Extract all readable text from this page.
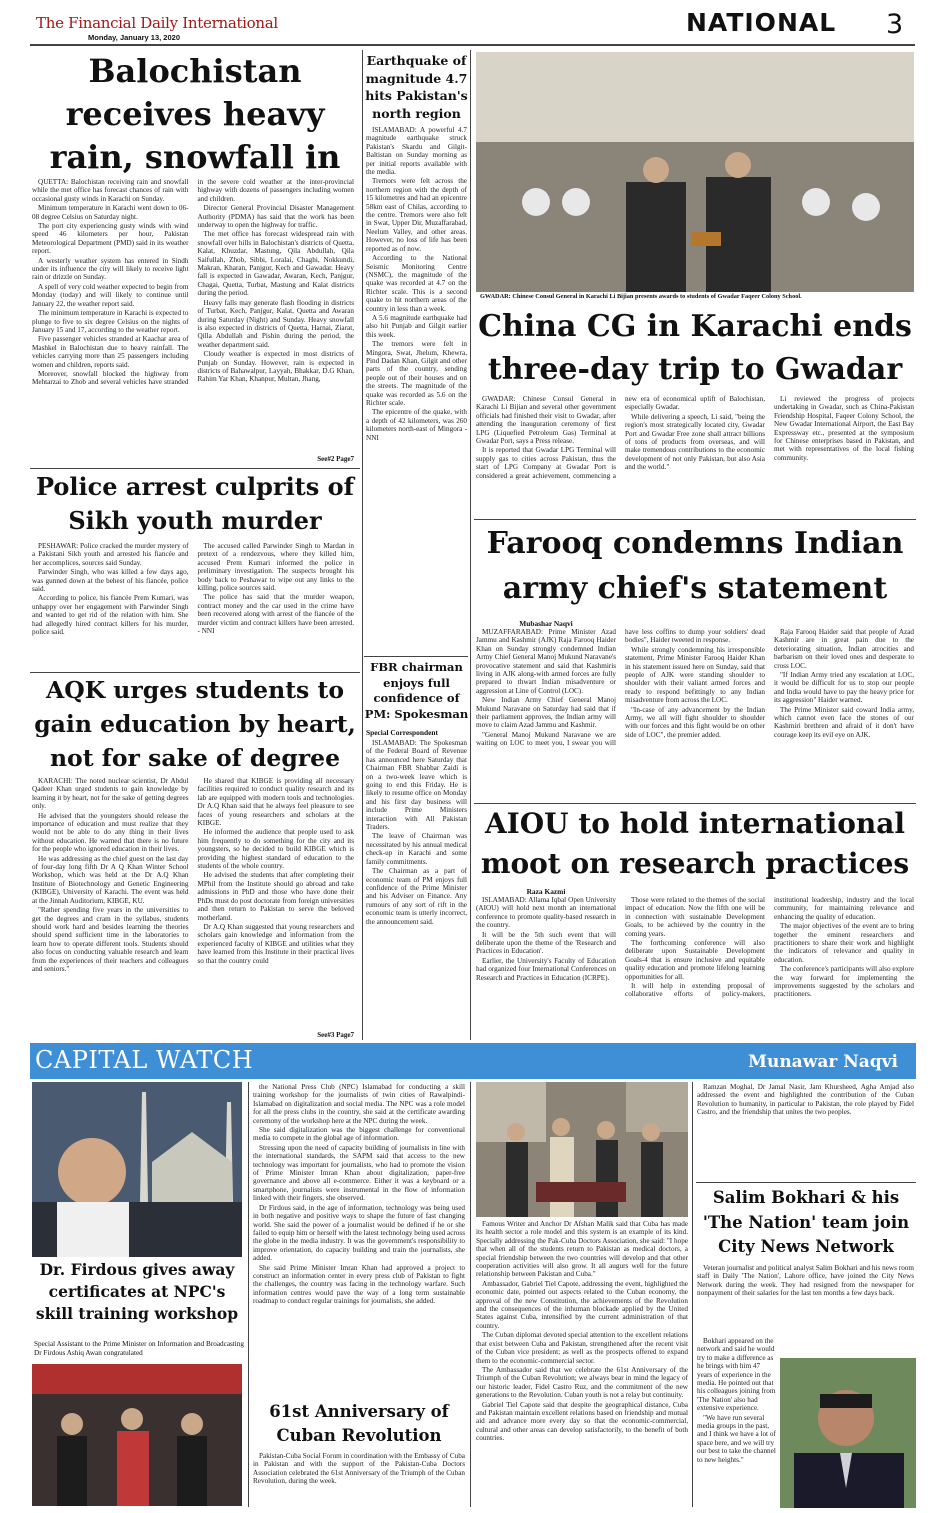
The Financial Daily International
Monday, January 13, 2020
NATIONAL 3
Balochistan receives heavy rain, snowfall in

QUETTA: Balochistan receiving rain and snowfall while the met office has forecast chances of rain with occasional gusty winds in Karachi on Sunday.

Minimum temperature in Karachi went down to 06-08 degree Celsius on Saturday night.

The port city experiencing gusty winds with wind speed 46 kilometers per hour, Pakistan Meteorological Department (PMD) said in its weather report.

A westerly weather system has entered in Sindh under its influence the city will likely to receive light rain or drizzle on Sunday.

A spell of very cold weather expected to begin from Monday (today) and will likely to continue until January 22, the weather report said.

The minimum temperature in Karachi is expected to plunge to five to six degree Celsius on the nights of January 15 and 17, according to the weather report.

Five passenger vehicles stranded at Kaachar area of Mashkel in Balochistan due to heavy rainfall. The vehicles carrying more than 25 passengers including women and children, reports said.

Moreover, snowfall blocked the highway from Mehtarzai to Zhob and several vehicles have stranded in the severe cold weather at the inter-provincial highway with dozens of passengers including women and children.

Director General Provincial Disaster Management Authority (PDMA) has said that the work has been underway to open the highway for traffic.

The met office has forecast widespread rain with snowfall over hills in Balochistan's districts of Quetta, Kalat, Khuzdar, Mastung, Qila Abdullah, Qila Saifullah, Zhob, Sibbi, Loralai, Chaghi, Nokkundi, Makran, Kharan, Panjgur, Kech and Gawadar. Heavy fall is expected in Gawadar, Awaran, Kech, Panjgur, Chagai, Quetta, Turbat, Mastung and Kalat districts during the period.

Heavy falls may generate flash flooding in districts of Turbat, Kech, Panjgur, Kalat, Quetta and Awaran during Saturday (Night) and Sunday. Heavy snowfall is also expected in districts of Quetta, Harnai, Ziarat, Qilla Abdullah and Pishin during the period, the weather department said.

Cloudy weather is expected in most districts of Punjab on Sunday. However, rain is expected in districts of Bahawalpur, Layyah, Bhakkar, D.G Khan, Rahim Yar Khan, Khanpur, Multan, Jhang,

See#2 Page7
Police arrest culprits of Sikh youth murder

PESHAWAR: Police cracked the murder mystery of a Pakistani Sikh youth and arrested his fiancée and her accomplices, sources said Sunday.

Parwinder Singh, who was killed a few days ago, was gunned down at the behest of his fiancée, police said.

According to police, his fiancée Prem Kumari, was unhappy over her engagement with Parwinder Singh and wanted to get rid of the relation with him. She had allegedly hired contract killers for his murder, police said.

The accused called Parwinder Singh to Mardan in pretext of a rendezvous, where they killed him, accused Prem Kumari informed the police in preliminary investigation. The suspects brought his body back to Peshawar to wipe out any links to the killing, police sources said.

The police has said that the murder weapon, contract money and the car used in the crime have been recovered along with arrest of the fiancée of the murder victim and contract killers have been arrested. - NNI

AQK urges students to gain education by heart, not for sake of degree

KARACHI: The noted nuclear scientist, Dr Abdul Qadeer Khan urged students to gain knowledge by learning it by heart, not for the sake of getting degrees only.

He advised that the youngsters should release the importance of education and must realize that they would not be able to do any thing in their lives without education. He warned that there is no future for the people who ignored education in their lives.

He was addressing as the chief guest on the last day of four-day long fifth Dr A Q Khan Winter School Workshop, which was held at the Dr A.Q Khan Institute of Biotechnology and Genetic Engineering (KIBGE), University of Karachi. The event was held at the Jinnah Auditorium, KIBGE, KU.

"Rather spending five years in the universities to get the degrees and cram in the syllabus, students should work hard and besides learning the theories should spend sufficient time in the laboratories to learn how to operate different tools. Students should also focus on conducting valuable research and learn from the experiences of their teachers and colleagues and seniors."

He shared that KIBGE is providing all necessary facilities required to conduct quality research and its lab are equipped with modern tools and technologies. Dr A.Q Khan said that he always feel pleasure to see faces of young researchers and scholars at the KIBGE.

He informed the audience that people used to ask him frequently to do something for the city and its youngsters, so he decided to build KIBGE which is providing the highest standard of education to the students of the whole country.

He advised the students that after completing their MPhil from the Institute should go abroad and take admissions in PhD and those who have done their PhDs must do post doctorate from foreign universities and then return to Pakistan to serve the beloved motherland.

Dr A.Q Khan suggested that young researchers and scholars gain knowledge and information from the experienced faculty of KIBGE and utilities what they have learned from this Institute in their practical lives so that the country could

See#3 Page7
Earthquake of magnitude 4.7 hits Pakistan's north region

ISLAMABAD: A powerful 4.7 magnitude earthquake struck Pakistan's Skardu and Gilgit-Baltistan on Sunday morning as per initial reports available with the media.

Tremors were felt across the northern region with the depth of 15 kilometres and had an epicentre 58km east of Chilas, according to the centre. Tremors were also felt in Swat, Upper Dir, Muzaffarabad, Neelum Valley, and other areas. However, no loss of life has been reported as of now.

According to the National Seismic Monitoring Centre (NSMC), the magnitude of the quake was recorded at 4.7 on the Richter scale. This is a second quake to hit northern areas of the country in less than a week.

A 5.6 magnitude earthquake had also hit Punjab and Gilgit earlier this week.

The tremors were felt in Mingora, Swat, Jhelum, Khewra, Pind Dadan Khan, Gilgit and other parts of the country, sending people out of their houses and on the streets. The magnitude of the quake was recorded as 5.6 on the Richter scale.

The epicentre of the quake, with a depth of 42 kilometers, was 260 kilometers north-east of Mingora - NNI

FBR chairman enjoys full confidence of PM: Spokesman
Special Correspondent

ISLAMABAD: The Spokesman of the Federal Board of Revenue has announced here Saturday that Chairman FBR Shabbar Zaidi is on a two-week leave which is going to end this Friday. He is likely to resume office on Monday and his first day business will include Prime Ministers interaction with All Pakistan Traders.

The leave of Chairman was necessitated by his annual medical check-up in Karachi and some family commitments.

The Chairman as a part of economic team of PM enjoys full confidence of the Prime Minister and his Adviser on Finance. Any rumours of any sort of rift in the economic team is utterly incorrect, the announcement said.

GWADAR: Chinese Consul General in Karachi Li Bijian presents awards to students of Gwadar Faqeer Colony School.
China CG in Karachi ends three-day trip to Gwadar

GWADAR: Chinese Consul General in Karachi Li Bijian and several other government officials had finished their visit to Gwadar, after attending the inauguration ceremony of first LPG (Liquefied Petroleum Gas) Terminal at Gwadar Port, says a Press release.

It is reported that Gwadar LPG Terminal will supply gas to cities across Pakistan, thus the start of LPG Company at Gwadar Port is considered a great achievement, commencing a new era of economical uplift of Balochistan, especially Gwadar.

While delivering a speech, Li said, "being the region's most strategically located city, Gwadar Port and Gwadar Free zone shall attract billions of tons of products from overseas, and will make tremendous contributions to the economic development of not only Pakistan, but also Asia and the world."

Li reviewed the progress of projects undertaking in Gwadar, such as China-Pakistan Friendship Hospital, Faqeer Colony School, the New Gwadar International Airport, the East Bay Expressway etc., presented at the symposium for Chinese enterprises based in Pakistan, and met with representatives of the local fishing community.

Farooq condemns Indian army chief's statement
Mubashar Naqvi

MUZAFFARABAD: Prime Minister Azad Jammu and Kashmir (AJK) Raja Farooq Haider Khan on Sunday strongly condemned Indian Army Chief General Manoj Mukund Naravane's provocative statement and said that Kashmiris living in AJK along-with armed forces are fully prepared to thwart Indian misadventure or aggression at Line of Control (LOC).

New Indian Army Chief General Manoj Mukund Naravane on Saturday had said that if their parliament approves, the Indian army will move to claim Azad Jammu and Kashmir.

"General Manoj Mukund Naravane we are waiting on LOC to meet you, I swear you will have less coffins to dump your soldiers' dead bodies", Haider tweeted in response.

While strongly condemning his irresponsible statement, Prime Minister Farooq Haider Khan in his statement issued here on Sunday, said that people of AJK were standing shoulder to shoulder with their valiant armed forces and ready to respond befittingly to any Indian misadventure from across the LOC.

"In-case of any advancement by the Indian Army, we all will fight shoulder to shoulder with our forces and this fight would be on other side of LOC", the premier added.

Raja Farooq Haider said that people of Azad Kashmir are in great pain due to the deteriorating situation, Indian atrocities and barbarism on their loved ones and desperate to cross LOC.

"If Indian Army tried any escalation at LOC, it would be difficult for us to stop our people and India would have to pay the heavy price for its aggression" Haider warned.

The Prime Minister said coward India army, which cannot even face the stones of our Kashmiri brethren and afraid of it don't have courage keep its evil eye on AJK.

AIOU to hold international moot on research practices
Raza Kazmi

ISLAMABAD: Allama Iqbal Open University (AIOU) will hold next month an international conference to promote quality-based research in the country.

It will be the 5th such event that will deliberate upon the theme of the 'Research and Practices in Education'.

Earlier, the University's Faculty of Education had organized four International Conferences on Research and Practices in Education (ICRPE).

Those were related to the themes of the social impact of education. Now the fifth one will be in connection with sustainable Development Goals, to be achieved by the country in the coming years.

The forthcoming conference will also deliberate upon Sustainable Development Goals-4 that is ensure inclusive and equitable quality education and promote lifelong learning opportunities for all.

It will help in extending proposal of collaborative efforts of policy-makers, institutional leadership, industry and the local community, for maintaining relevance and enhancing the quality of education.

The major objectives of the event are to bring together the eminent researchers and practitioners to share their work and highlight the indicators of relevance and quality in education.

The conference's participants will also explore the way forward for implementing the improvements suggested by the scholars and practitioners.

CAPITAL WATCH	Munawar Naqvi
Dr. Firdous gives away certificates at NPC's skill training workshop
Special Assistant to the Prime Minister on Information and Broadcasting Dr Firdous Ashiq Awan congratulated

the National Press Club (NPC) Islamabad for conducting a skill training workshop for the journalists of twin cities of Rawalpindi-Islamabad on digitalization and social media. The NPC was a role model for all the press clubs in the country, she said at the certificate awarding ceremony of the workshop here at the NPC during the week.

She said digitalization was the biggest challenge for conventional media to compete in the global age of information.

Stressing upon the need of capacity building of journalists in line with the international standards, the SAPM said that access to the new technology was important for journalists, who had to promote the vision of Prime Minister Imran Khan about digitalization, paper-free governance and above all e-commerce. Either it was a keyboard or a smartphone, journalists were instrumental in the flow of information linked with their fingers, she observed.

Dr Firdous said, in the age of information, technology was being used in both negative and positive ways to shape the future of fast changing world. She said the power of a journalist would be defined if he or she failed to equip him or herself with the latest technology being used across the globe in the media industry. It was the government's responsibility to improve orientation, do capacity building and train the journalists, she added.

She said Prime Minister Imran Khan had approved a project to construct an information center in every press club of Pakistan to fight the challenges, the country was facing in the technology warfare. Such information centres would pave the way of a long term sustainable roadmap to conduct regular trainings for journalists, she added.

61st Anniversary of Cuban Revolution

Pakistan-Cuba Social Forum in coordination with the Embassy of Cuba in Pakistan and with the support of the Pakistan-Cuba Doctors Association celebrated the 61st Anniversary of the Triumph of the Cuban Revolution, during the week.

Famous Writer and Anchor Dr Afshan Malik said that Cuba has made its health sector a role model and this system is an example of its kind. Specially addressing the Pak-Cuba Doctors Association, she said: "I hope that when all of the students return to Pakistan as medical doctors, a special friendship between the two countries will develop and that other cooperation activities will also grow. It all augurs well for the future relationship between Pakistan and Cuba."

Ambassador, Gabriel Tiel Capote, addressing the event, highlighted the economic date, pointed out aspects related to the Cuban economy, the approval of the new Constitution, the achievements of the Revolution and the consequences of the inhuman blockade applied by the United States against Cuba, intensified by the current administration of that country.

The Cuban diplomat devoted special attention to the excellent relations that exist between Cuba and Pakistan, strengthened after the recent visit of the Cuban vice president; as well as the prospects offered to expand them to the economic-commercial sector.

The Ambassador said that we celebrate the 61st Anniversary of the Triumph of the Cuban Revolution; we always bear in mind the legacy of our historic leader, Fidel Castro Ruz, and the commitment of the new generations to the Revolution. Cuban youth is not a relay but continuity.

Gabriel Tiel Capote said that despite the geographical distance, Cuba and Pakistan maintain excellent relations based on friendship and mutual aid and advance more every day so that the economic-commercial, cultural and other areas can develop satisfactorily, to the benefit of both countries.

Ramzan Moghal, Dr Jamal Nasir, Jam Khursheed, Agha Amjad also addressed the event and highlighted the contribution of the Cuban Revolution to humanity, in particular to Pakistan, the role played by Fidel Castro, and the friendship that unites the two peoples.

Salim Bokhari & his 'The Nation' team join City News Network

Veteran journalist and political analyst Salim Bokhari and his news room staff in Daily 'The Nation', Lahore office, have joined the City News Network during the week. They had resigned from the newspaper for nonpayment of their salaries for the last ten months a few days back.

Bokhari appeared on the network and said he would try to make a difference as he brings with him 47 years of experience in the media. He pointed out that his colleagues joining from 'The Nation' also had extensive experience.

"We have run several media groups in the past, and I think we have a lot of space here, and we will try our best to take the channel to new heights."
